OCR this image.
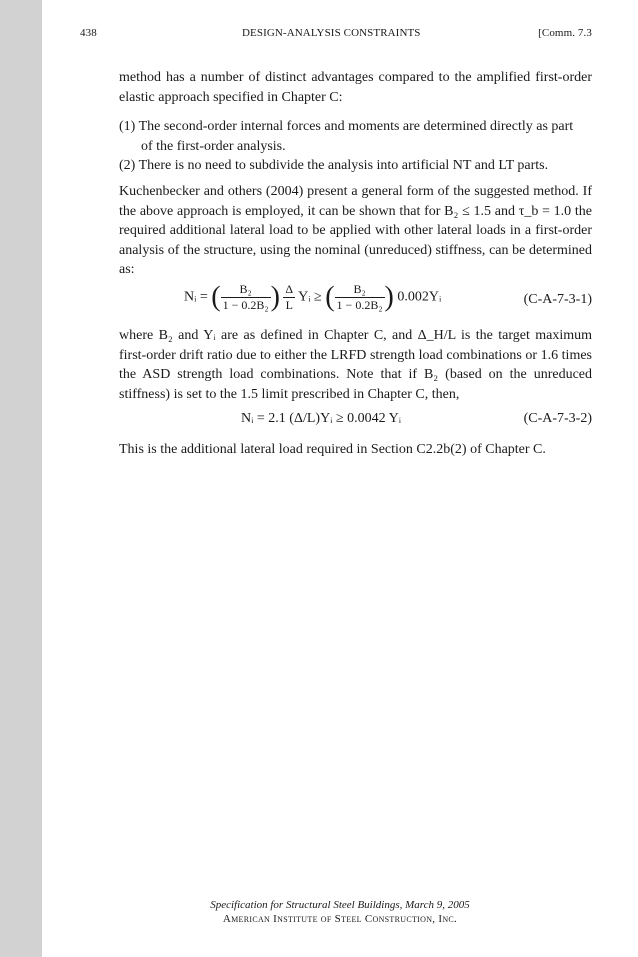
438	DESIGN-ANALYSIS CONSTRAINTS	[Comm. 7.3

method has a number of distinct advantages compared to the amplified first-order elastic approach specified in Chapter C:

(1) The second-order internal forces and moments are determined directly as part

of the first-order analysis.

(2) There is no need to subdivide the analysis into artificial NT and LT parts.

Kuchenbecker and others (2004) present a general form of the suggested method. If the above approach is employed, it can be shown that for B₂ ≤ 1.5 and τ_b = 1.0 the required additional lateral load to be applied with other lateral loads in a first-order analysis of the structure, using the nominal (unreduced) stiffness, can be determined as:

Nᵢ = ( $\frac{\text{B₂}}{\text{1 − 0.2B₂}}$ ) $\frac{\Delta}{L}$ Yᵢ ≥ ( $\frac{\text{B₂}}{\text{1 − 0.2B₂}}$ ) 0.002Yᵢ	(C-A-7-3-1)

where B₂ and Yᵢ are as defined in Chapter C, and Δ_H/L is the target maximum first-order drift ratio due to either the LRFD strength load combinations or 1.6 times the ASD strength load combinations. Note that if B₂ (based on the unreduced stiffness) is set to the 1.5 limit prescribed in Chapter C, then,

Nᵢ = 2.1 (Δ/L)Yᵢ ≥ 0.0042 Yᵢ	(C-A-7-3-2)

This is the additional lateral load required in Section C2.2b(2) of Chapter C.

Specification for Structural Steel Buildings, March 9, 2005
American Institute of Steel Construction, Inc.
